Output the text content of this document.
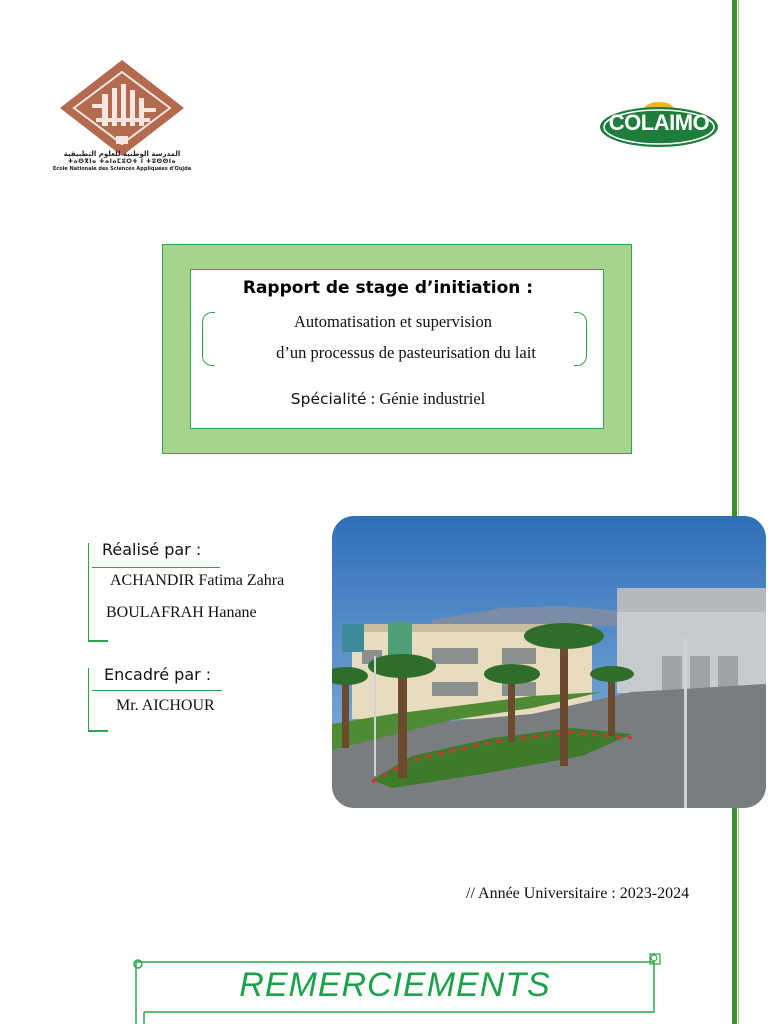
المدرسة الوطنية للعلوم التطبيقية
ⵜⴰⵙⴳⵏⴰ ⵜⴰⵏⴰⵎⵓⵔⵜ ⵏ ⵜⵓⵙⵙⵏⴰ
Ecole Nationale des Sciences Appliquées d'Oujda
COLAIMO
Rapport de stage d’initiation :
Automatisation et supervision
d’un processus de pasteurisation du lait
Spécialité : Génie industriel
Réalisé par :
ACHANDIR Fatima Zahra
BOULAFRAH Hanane
Encadré par :
Mr. AICHOUR
// Année Universitaire : 2023-2024
REMERCIEMENTS
